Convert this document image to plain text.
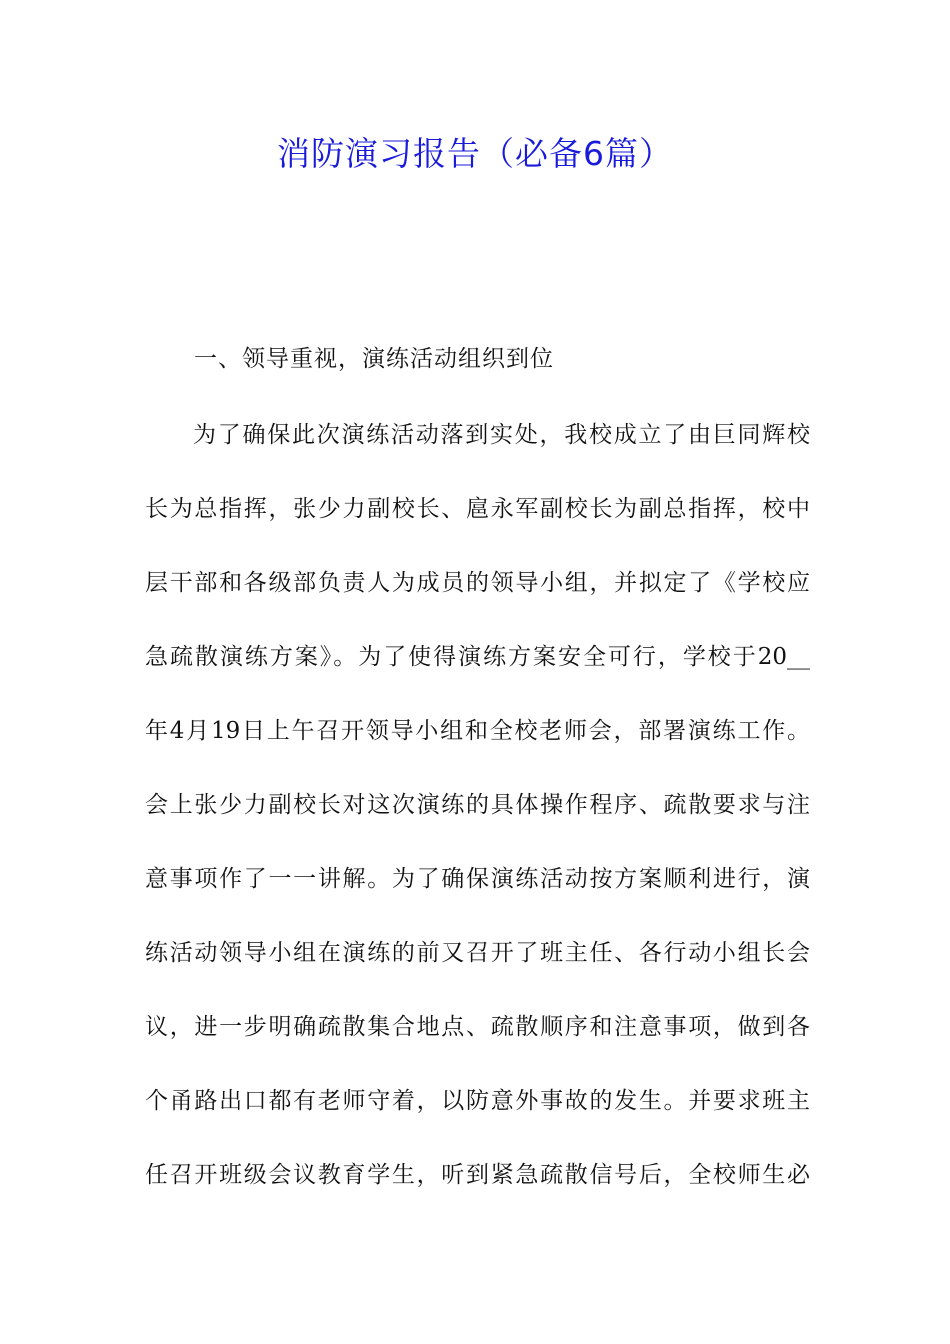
消防演习报告（必备6篇）
一、领导重视，演练活动组织到位
为了确保此次演练活动落到实处，我校成立了由巨同辉校
长为总指挥，张少力副校长、扈永军副校长为副总指挥，校中
层干部和各级部负责人为成员的领导小组，并拟定了《学校应
急疏散演练方案》。为了使得演练方案安全可行，学校于20__
年4月19日上午召开领导小组和全校老师会，部署演练工作。
会上张少力副校长对这次演练的具体操作程序、疏散要求与注
意事项作了一一讲解。为了确保演练活动按方案顺利进行，演
练活动领导小组在演练的前又召开了班主任、各行动小组长会
议，进一步明确疏散集合地点、疏散顺序和注意事项，做到各
个甬路出口都有老师守着，以防意外事故的发生。并要求班主
任召开班级会议教育学生，听到紧急疏散信号后，全校师生必
